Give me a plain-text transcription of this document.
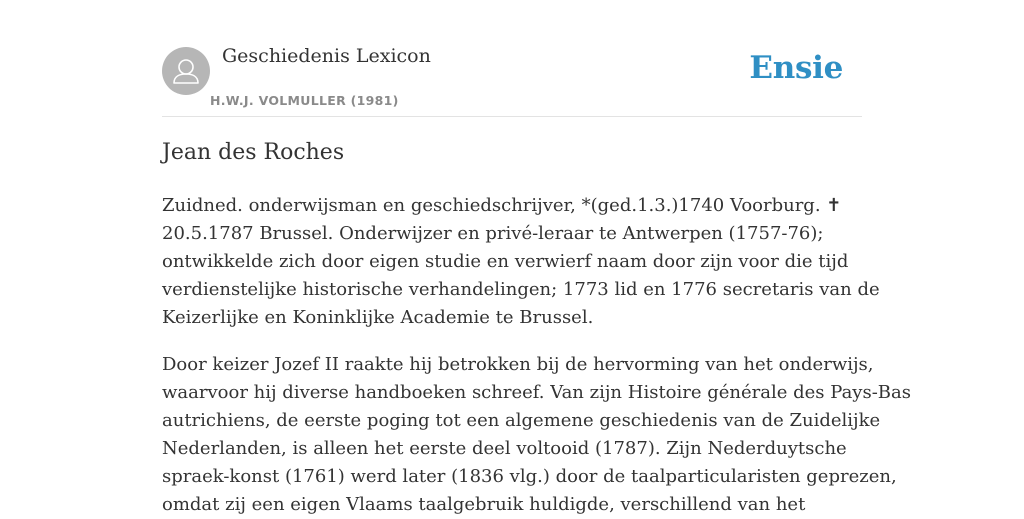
Geschiedenis Lexicon
H.W.J. VOLMULLER (1981)
Ensie
Jean des Roches

Zuidned. onderwijsman en geschiedschrijver, *(ged.1.3.)1740 Voorburg. ✝
20.5.1787 Brussel. Onderwijzer en privé-leraar te Antwerpen (1757-76);
ontwikkelde zich door eigen studie en verwierf naam door zijn voor die tijd
verdienstelijke historische verhandelingen; 1773 lid en 1776 secretaris van de
Keizerlijke en Koninklijke Academie te Brussel.

Door keizer Jozef II raakte hij betrokken bij de hervorming van het onderwijs,
waarvoor hij diverse handboeken schreef. Van zijn Histoire générale des Pays-Bas
autrichiens, de eerste poging tot een algemene geschiedenis van de Zuidelijke
Nederlanden, is alleen het eerste deel voltooid (1787). Zijn Nederduytsche
spraek-konst (1761) werd later (1836 vlg.) door de taalparticularisten geprezen,
omdat zij een eigen Vlaams taalgebruik huldigde, verschillend van het
